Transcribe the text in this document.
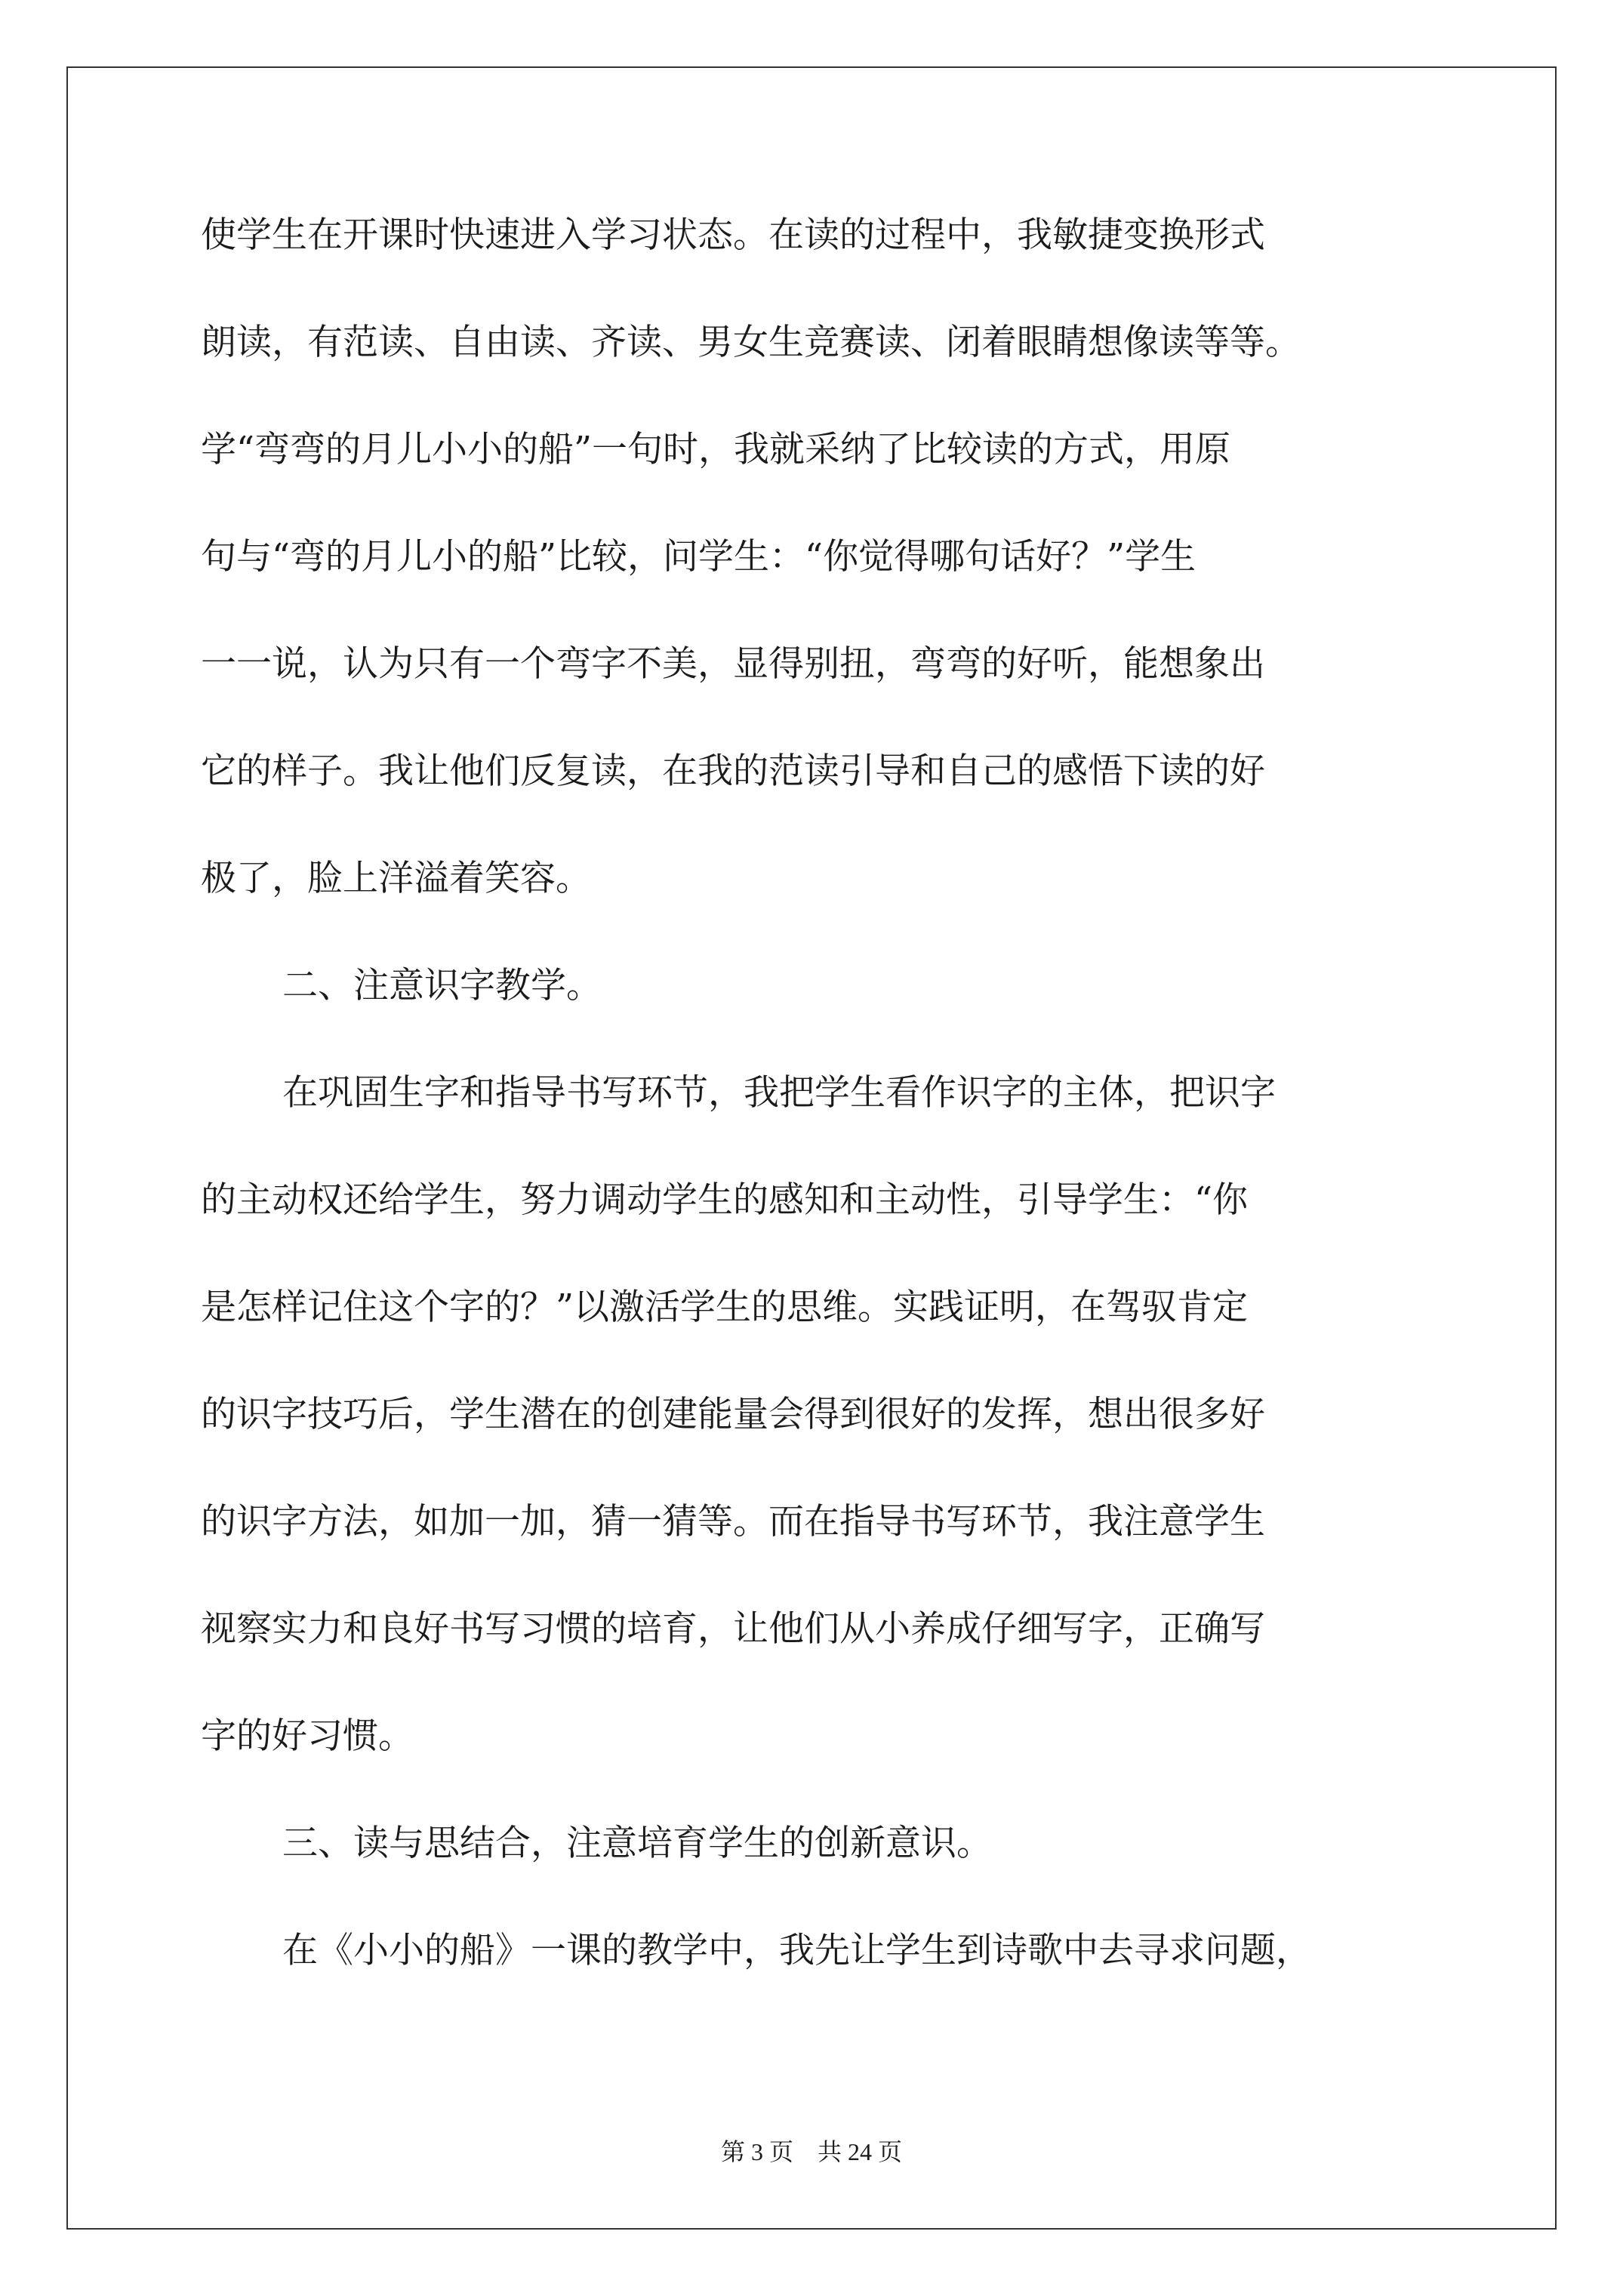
使学生在开课时快速进入学习状态。在读的过程中，我敏捷变换形式
朗读，有范读、自由读、齐读、男女生竞赛读、闭着眼睛想像读等等。
学“弯弯的月儿小小的船”一句时，我就采纳了比较读的方式，用原
句与“弯的月儿小的船”比较，问学生：“你觉得哪句话好？”学生
一一说，认为只有一个弯字不美，显得别扭，弯弯的好听，能想象出
它的样子。我让他们反复读，在我的范读引导和自己的感悟下读的好
极了，脸上洋溢着笑容。
二、注意识字教学。
在巩固生字和指导书写环节，我把学生看作识字的主体，把识字
的主动权还给学生，努力调动学生的感知和主动性，引导学生：“你
是怎样记住这个字的？”以激活学生的思维。实践证明，在驾驭肯定
的识字技巧后，学生潜在的创建能量会得到很好的发挥，想出很多好
的识字方法，如加一加，猜一猜等。而在指导书写环节，我注意学生
视察实力和良好书写习惯的培育，让他们从小养成仔细写字，正确写
字的好习惯。
三、读与思结合，注意培育学生的创新意识。
在《小小的船》一课的教学中，我先让学生到诗歌中去寻求问题，
第 3 页 共 24 页
